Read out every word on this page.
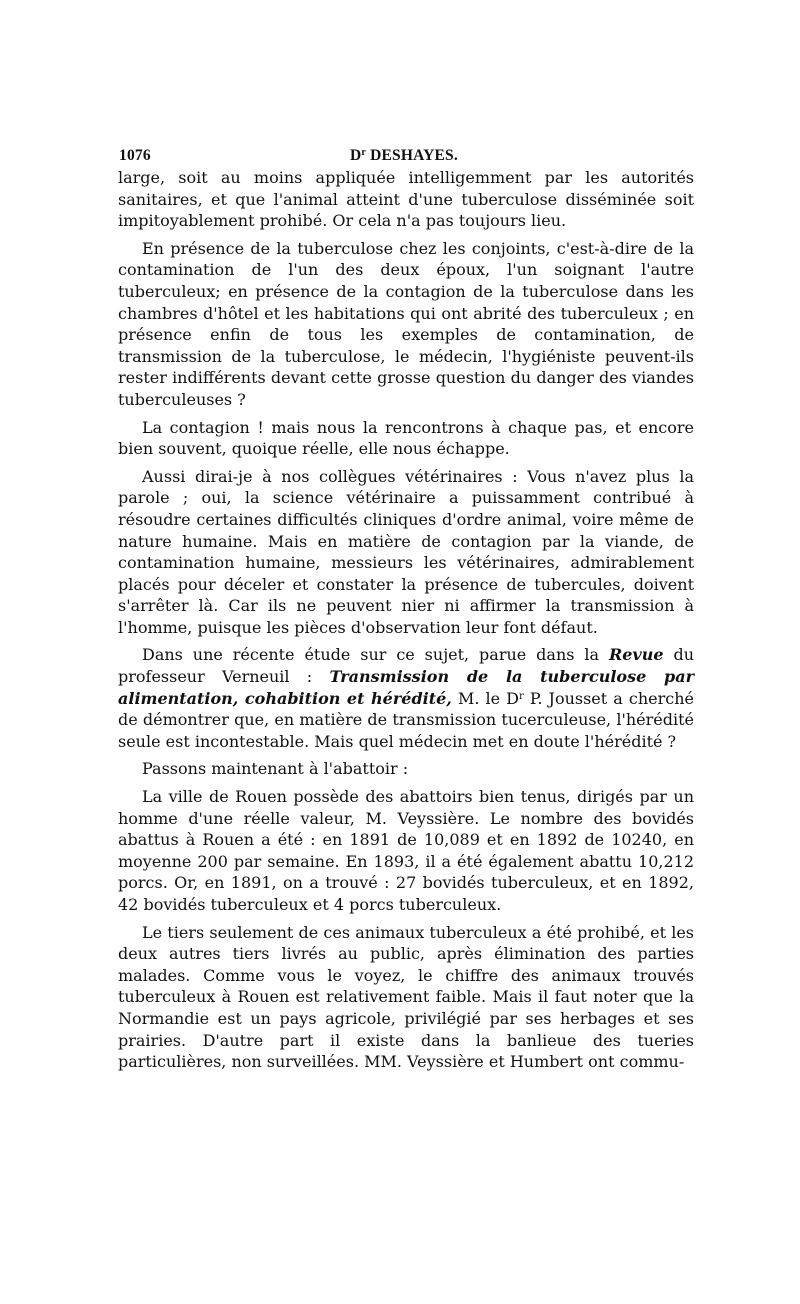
1076	$D^r$ DESHAYES.

large, soit au moins appliquée intelligemment par les autorités sanitaires, et que l'animal atteint d'une tuberculose disséminée soit impitoyablement prohibé. Or cela n'a pas toujours lieu.

En présence de la tuberculose chez les conjoints, c'est-à-dire de la contamination de l'un des deux époux, l'un soignant l'autre tuberculeux; en présence de la contagion de la tuberculose dans les chambres d'hôtel et les habitations qui ont abrité des tuberculeux ; en présence enfin de tous les exemples de contamination, de transmission de la tuberculose, le médecin, l'hygiéniste peuvent-ils rester indifférents devant cette grosse question du danger des viandes tuberculeuses ?

La contagion ! mais nous la rencontrons à chaque pas, et encore bien souvent, quoique réelle, elle nous échappe.

Aussi dirai-je à nos collègues vétérinaires : Vous n'avez plus la parole ; oui, la science vétérinaire a puissamment contribué à résoudre certaines difficultés cliniques d'ordre animal, voire même de nature humaine. Mais en matière de contagion par la viande, de contamination humaine, messieurs les vétérinaires, admirablement placés pour déceler et constater la présence de tubercules, doivent s'arrêter là. Car ils ne peuvent nier ni affirmer la transmission à l'homme, puisque les pièces d'observation leur font défaut.

Dans une récente étude sur ce sujet, parue dans la Revue du professeur Verneuil : Transmission de la tuberculose par alimentation, cohabition et hérédité, M. le $D^r$ P. Jousset a cherché de démontrer que, en matière de transmission tucerculeuse, l'hérédité seule est incontestable. Mais quel médecin met en doute l'hérédité ?

Passons maintenant à l'abattoir :

La ville de Rouen possède des abattoirs bien tenus, dirigés par un homme d'une réelle valeur, M. Veyssière. Le nombre des bovidés abattus à Rouen a été : en 1891 de 10,089 et en 1892 de 10240, en moyenne 200 par semaine. En 1893, il a été également abattu 10,212 porcs. Or, en 1891, on a trouvé : 27 bovidés tuberculeux, et en 1892, 42 bovidés tuberculeux et 4 porcs tuberculeux.

Le tiers seulement de ces animaux tuberculeux a été prohibé, et les deux autres tiers livrés au public, après élimination des parties malades. Comme vous le voyez, le chiffre des animaux trouvés tuberculeux à Rouen est relativement faible. Mais il faut noter que la Normandie est un pays agricole, privilégié par ses herbages et ses prairies. D'autre part il existe dans la banlieue des tueries particulières, non surveillées. MM. Veyssière et Humbert ont commu-
